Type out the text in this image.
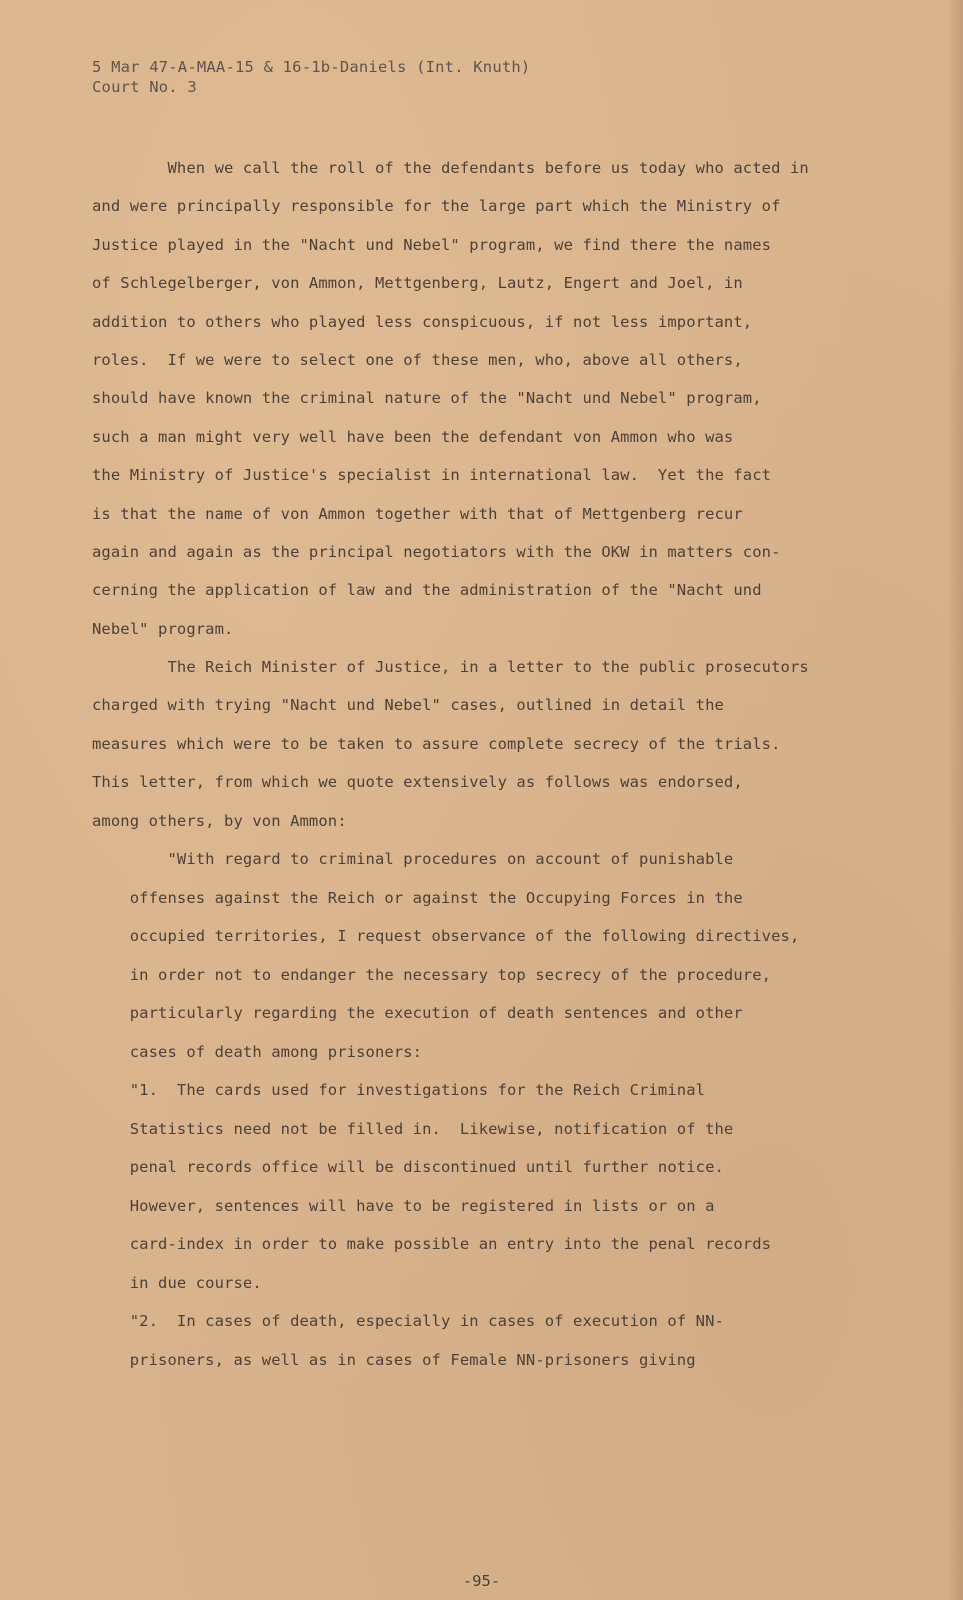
5 Mar 47-A-MAA-15 & 16-1b-Daniels (Int. Knuth)
Court No. 3
When we call the roll of the defendants before us today who acted in
and were principally responsible for the large part which the Ministry of
Justice played in the "Nacht und Nebel" program, we find there the names
of Schlegelberger, von Ammon, Mettgenberg, Lautz, Engert and Joel, in
addition to others who played less conspicuous, if not less important,
roles.  If we were to select one of these men, who, above all others,
should have known the criminal nature of the "Nacht und Nebel" program,
such a man might very well have been the defendant von Ammon who was
the Ministry of Justice's specialist in international law.  Yet the fact
is that the name of von Ammon together with that of Mettgenberg recur
again and again as the principal negotiators with the OKW in matters con-
cerning the application of law and the administration of the "Nacht und
Nebel" program.
The Reich Minister of Justice, in a letter to the public prosecutors
charged with trying "Nacht und Nebel" cases, outlined in detail the
measures which were to be taken to assure complete secrecy of the trials.
This letter, from which we quote extensively as follows was endorsed,
among others, by von Ammon:
"With regard to criminal procedures on account of punishable
offenses against the Reich or against the Occupying Forces in the
occupied territories, I request observance of the following directives,
in order not to endanger the necessary top secrecy of the procedure,
particularly regarding the execution of death sentences and other
cases of death among prisoners:
"1.  The cards used for investigations for the Reich Criminal
Statistics need not be filled in.  Likewise, notification of the
penal records office will be discontinued until further notice.
However, sentences will have to be registered in lists or on a
card-index in order to make possible an entry into the penal records
in due course.
"2.  In cases of death, especially in cases of execution of NN-
prisoners, as well as in cases of Female NN-prisoners giving
-95-
